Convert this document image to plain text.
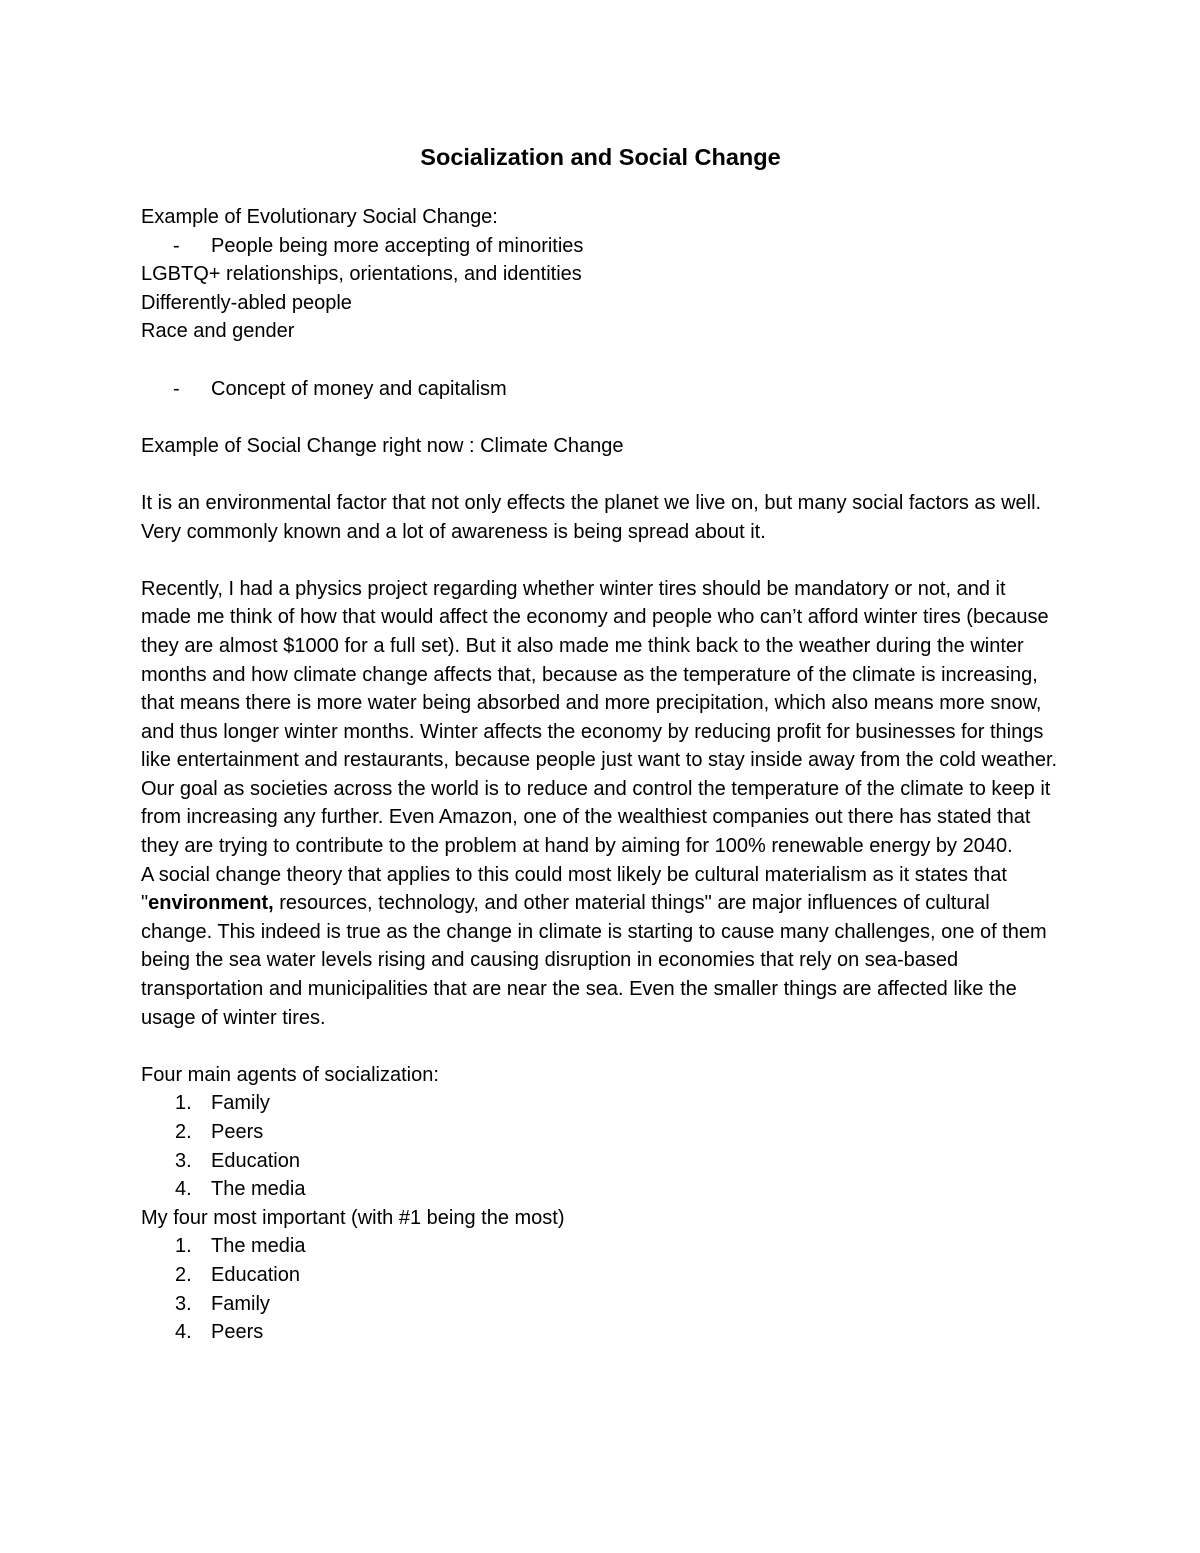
Socialization and Social Change

Example of Evolutionary Social Change:

-	People being more accepting of minorities

LGBTQ+ relationships, orientations, and identities

Differently-abled people

Race and gender

-	Concept of money and capitalism

Example of Social Change right now : Climate Change

It is an environmental factor that not only effects the planet we live on, but many social factors as well. Very commonly known and a lot of awareness is being spread about it.

Recently, I had a physics project regarding whether winter tires should be mandatory or not, and it made me think of how that would affect the economy and people who can’t afford winter tires (because they are almost $1000 for a full set). But it also made me think back to the weather during the winter months and how climate change affects that, because as the temperature of the climate is increasing, that means there is more water being absorbed and more precipitation, which also means more snow, and thus longer winter months. Winter affects the economy by reducing profit for businesses for things like entertainment and restaurants, because people just want to stay inside away from the cold weather. Our goal as societies across the world is to reduce and control the temperature of the climate to keep it from increasing any further. Even Amazon, one of the wealthiest companies out there has stated that they are trying to contribute to the problem at hand by aiming for 100% renewable energy by 2040.

A social change theory that applies to this could most likely be cultural materialism as it states that "environment, resources, technology, and other material things" are major influences of cultural change. This indeed is true as the change in climate is starting to cause many challenges, one of them being the sea water levels rising and causing disruption in economies that rely on sea-based transportation and municipalities that are near the sea. Even the smaller things are affected like the usage of winter tires.

Four main agents of socialization:

1. Family
2. Peers
3. Education
4. The media

My four most important (with #1 being the most)

1. The media
2. Education
3. Family
4. Peers
